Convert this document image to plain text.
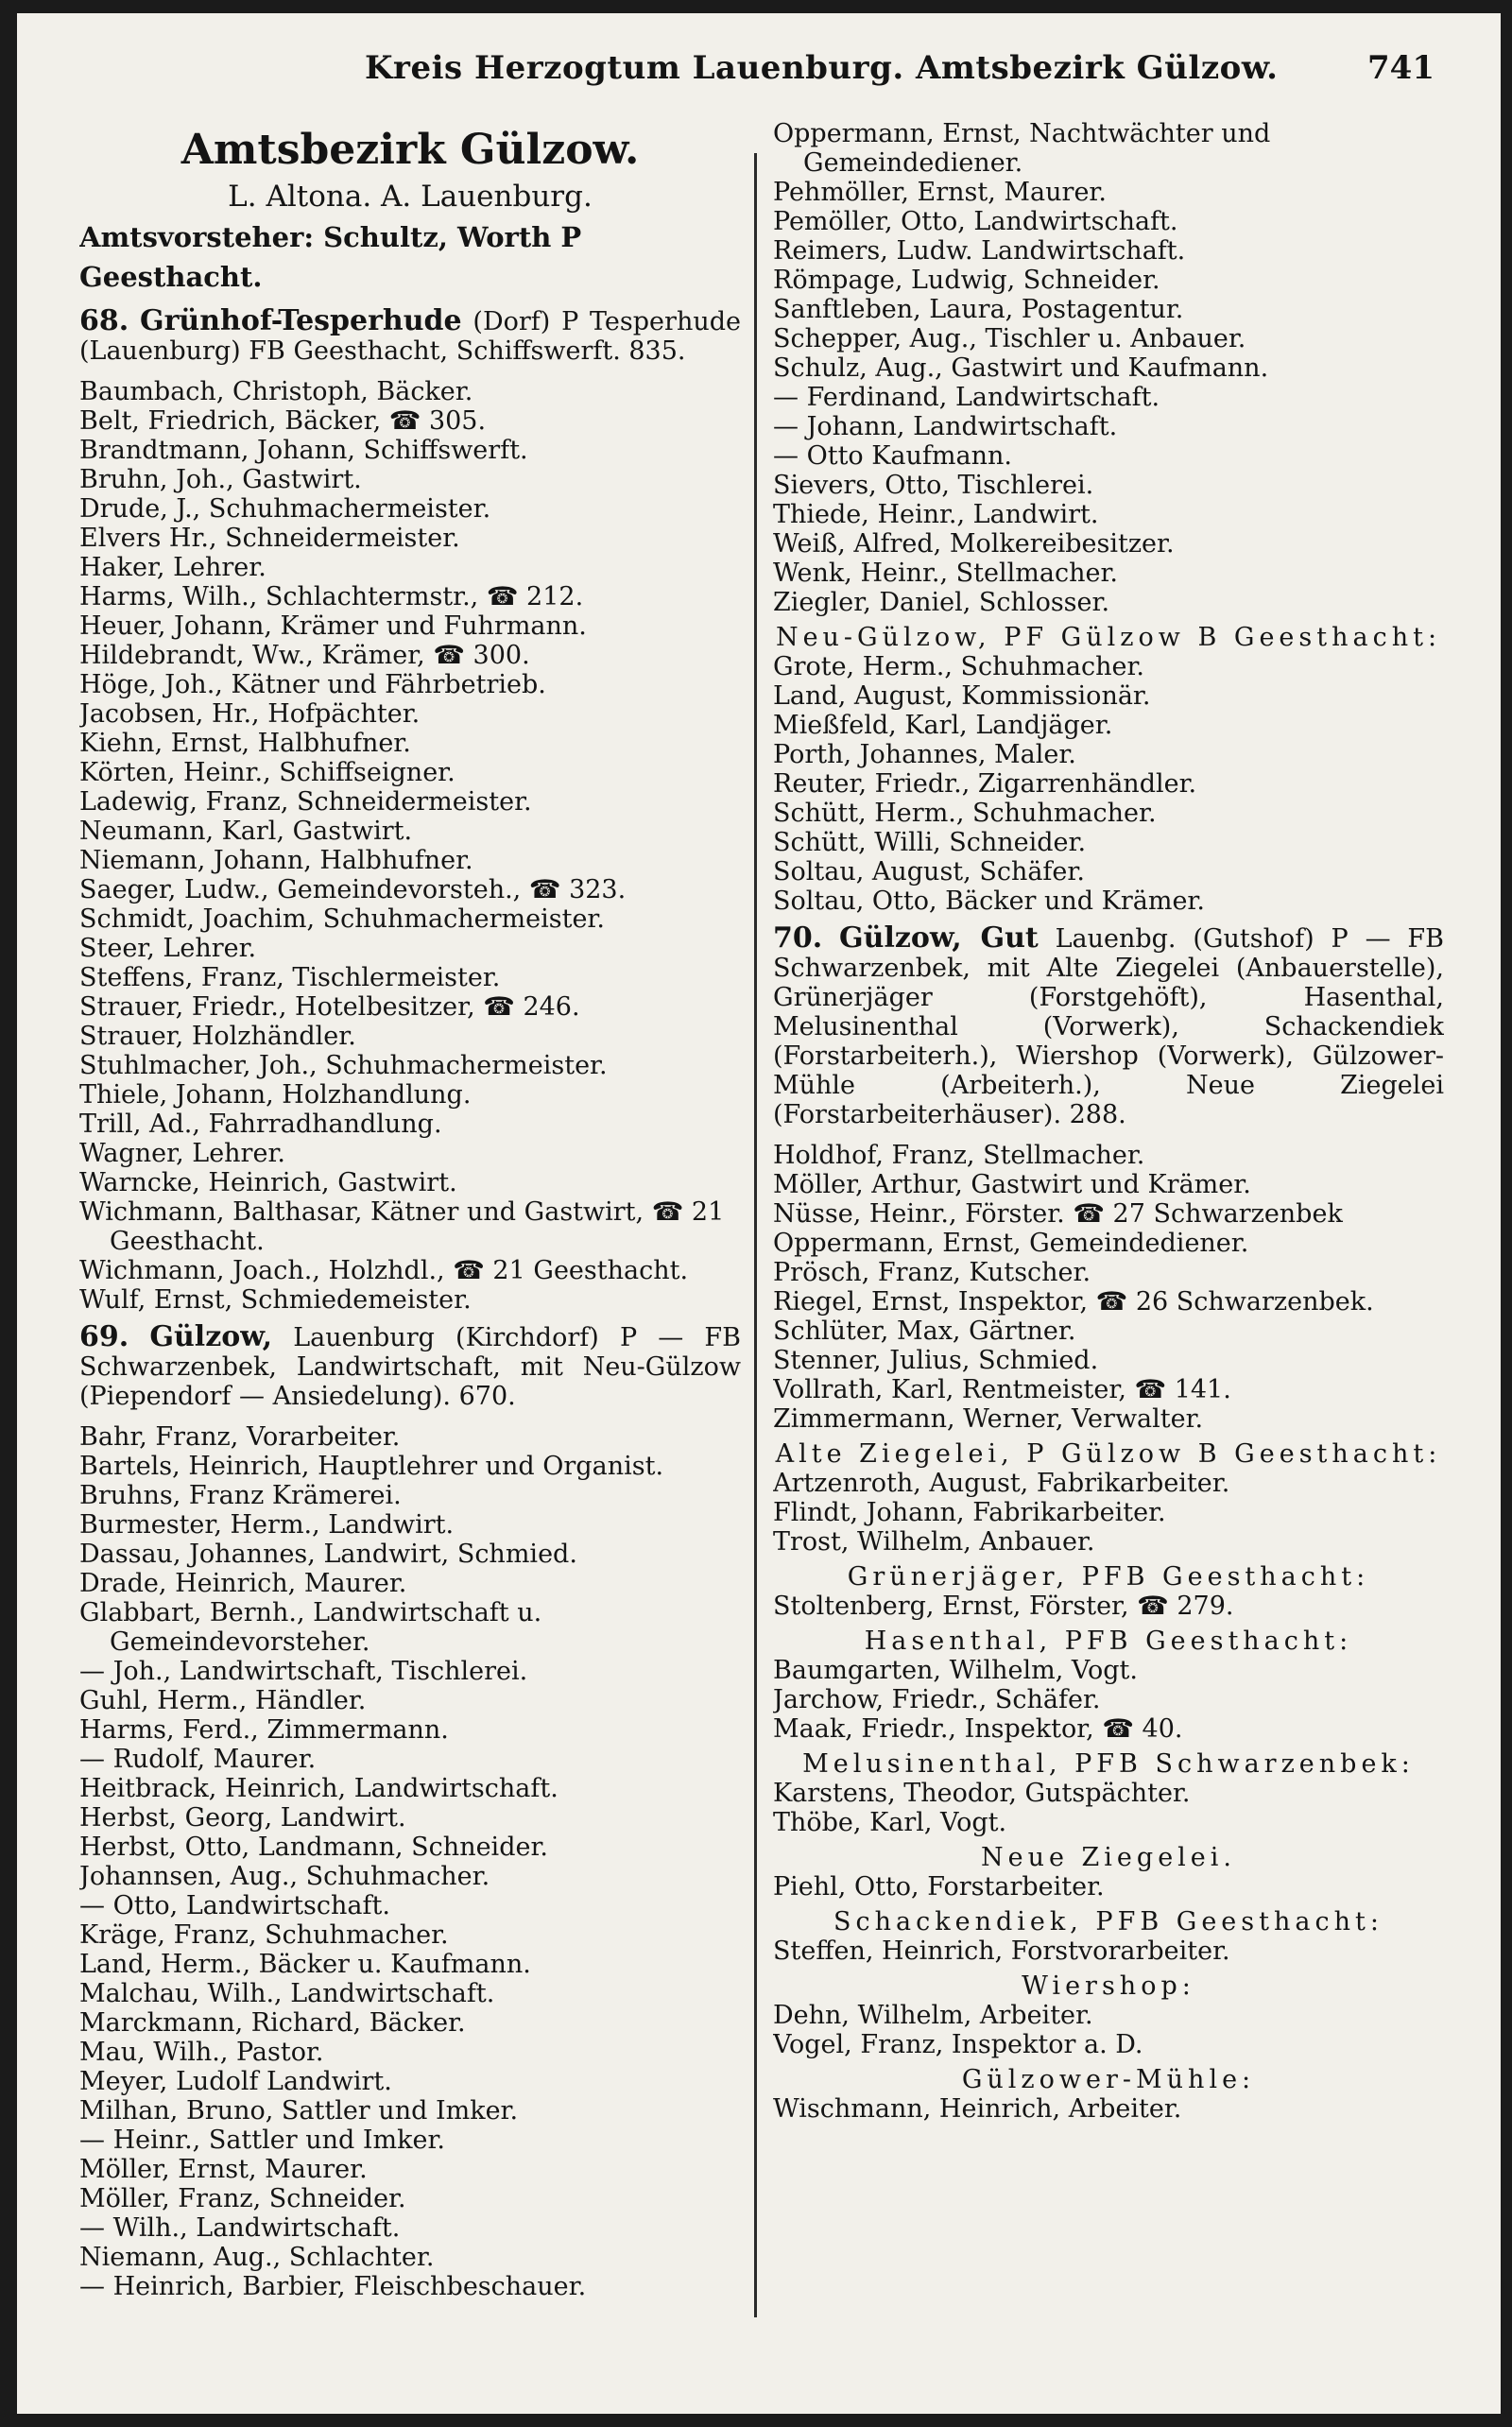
Kreis Herzogtum Lauenburg. Amtsbezirk Gülzow.	741

Amtsbezirk Gülzow.

L. Altona. A. Lauenburg.

Amtsvorsteher: Schultz, Worth P Geesthacht.

68. Grünhof-Tesperhude (Dorf) P Tesperhude (Lauenburg) FB Geesthacht, Schiffswerft. 835.

Baumbach, Christoph, Bäcker.

Belt, Friedrich, Bäcker, ☎ 305.

Brandtmann, Johann, Schiffswerft.

Bruhn, Joh., Gastwirt.

Drude, J., Schuhmachermeister.

Elvers Hr., Schneidermeister.

Haker, Lehrer.

Harms, Wilh., Schlachtermstr., ☎ 212.

Heuer, Johann, Krämer und Fuhrmann.

Hildebrandt, Ww., Krämer, ☎ 300.

Höge, Joh., Kätner und Fährbetrieb.

Jacobsen, Hr., Hofpächter.

Kiehn, Ernst, Halbhufner.

Körten, Heinr., Schiffseigner.

Ladewig, Franz, Schneidermeister.

Neumann, Karl, Gastwirt.

Niemann, Johann, Halbhufner.

Saeger, Ludw., Gemeindevorsteh., ☎ 323.

Schmidt, Joachim, Schuhmachermeister.

Steer, Lehrer.

Steffens, Franz, Tischlermeister.

Strauer, Friedr., Hotelbesitzer, ☎ 246.

Strauer, Holzhändler.

Stuhlmacher, Joh., Schuhmachermeister.

Thiele, Johann, Holzhandlung.

Trill, Ad., Fahrradhandlung.

Wagner, Lehrer.

Warncke, Heinrich, Gastwirt.

Wichmann, Balthasar, Kätner und Gastwirt, ☎ 21 Geesthacht.

Wichmann, Joach., Holzhdl., ☎ 21 Geesthacht.

Wulf, Ernst, Schmiedemeister.

69. Gülzow, Lauenburg (Kirchdorf) P — FB Schwarzenbek, Landwirtschaft, mit Neu-Gülzow (Piependorf — Ansiedelung). 670.

Bahr, Franz, Vorarbeiter.

Bartels, Heinrich, Hauptlehrer und Organist.

Bruhns, Franz Krämerei.

Burmester, Herm., Landwirt.

Dassau, Johannes, Landwirt, Schmied.

Drade, Heinrich, Maurer.

Glabbart, Bernh., Landwirtschaft u. Gemeindevorsteher.

— Joh., Landwirtschaft, Tischlerei.

Guhl, Herm., Händler.

Harms, Ferd., Zimmermann.

— Rudolf, Maurer.

Heitbrack, Heinrich, Landwirtschaft.

Herbst, Georg, Landwirt.

Herbst, Otto, Landmann, Schneider.

Johannsen, Aug., Schuhmacher.

— Otto, Landwirtschaft.

Kräge, Franz, Schuhmacher.

Land, Herm., Bäcker u. Kaufmann.

Malchau, Wilh., Landwirtschaft.

Marckmann, Richard, Bäcker.

Mau, Wilh., Pastor.

Meyer, Ludolf Landwirt.

Milhan, Bruno, Sattler und Imker.

— Heinr., Sattler und Imker.

Möller, Ernst, Maurer.

Möller, Franz, Schneider.

— Wilh., Landwirtschaft.

Niemann, Aug., Schlachter.

— Heinrich, Barbier, Fleischbeschauer.

Oppermann, Ernst, Nachtwächter und Gemeindediener.

Pehmöller, Ernst, Maurer.

Pemöller, Otto, Landwirtschaft.

Reimers, Ludw. Landwirtschaft.

Römpage, Ludwig, Schneider.

Sanftleben, Laura, Postagentur.

Schepper, Aug., Tischler u. Anbauer.

Schulz, Aug., Gastwirt und Kaufmann.

— Ferdinand, Landwirtschaft.

— Johann, Landwirtschaft.

— Otto Kaufmann.

Sievers, Otto, Tischlerei.

Thiede, Heinr., Landwirt.

Weiß, Alfred, Molkereibesitzer.

Wenk, Heinr., Stellmacher.

Ziegler, Daniel, Schlosser.

Neu-Gülzow, PF Gülzow B Geesthacht:

Grote, Herm., Schuhmacher.

Land, August, Kommissionär.

Mießfeld, Karl, Landjäger.

Porth, Johannes, Maler.

Reuter, Friedr., Zigarrenhändler.

Schütt, Herm., Schuhmacher.

Schütt, Willi, Schneider.

Soltau, August, Schäfer.

Soltau, Otto, Bäcker und Krämer.

70. Gülzow, Gut Lauenbg. (Gutshof) P — FB Schwarzenbek, mit Alte Ziegelei (Anbauerstelle), Grünerjäger (Forstgehöft), Hasenthal, Melusinenthal (Vorwerk), Schackendiek (Forstarbeiterh.), Wiershop (Vorwerk), Gülzower-Mühle (Arbeiterh.), Neue Ziegelei (Forstarbeiterhäuser). 288.

Holdhof, Franz, Stellmacher.

Möller, Arthur, Gastwirt und Krämer.

Nüsse, Heinr., Förster. ☎ 27 Schwarzenbek

Oppermann, Ernst, Gemeindediener.

Prösch, Franz, Kutscher.

Riegel, Ernst, Inspektor, ☎ 26 Schwarzenbek.

Schlüter, Max, Gärtner.

Stenner, Julius, Schmied.

Vollrath, Karl, Rentmeister, ☎ 141.

Zimmermann, Werner, Verwalter.

Alte Ziegelei, P Gülzow B Geesthacht:

Artzenroth, August, Fabrikarbeiter.

Flindt, Johann, Fabrikarbeiter.

Trost, Wilhelm, Anbauer.

Grünerjäger, PFB Geesthacht:

Stoltenberg, Ernst, Förster, ☎ 279.

Hasenthal, PFB Geesthacht:

Baumgarten, Wilhelm, Vogt.

Jarchow, Friedr., Schäfer.

Maak, Friedr., Inspektor, ☎ 40.

Melusinenthal, PFB Schwarzenbek:

Karstens, Theodor, Gutspächter.

Thöbe, Karl, Vogt.

Neue Ziegelei.

Piehl, Otto, Forstarbeiter.

Schackendiek, PFB Geesthacht:

Steffen, Heinrich, Forstvorarbeiter.

Wiershop:

Dehn, Wilhelm, Arbeiter.

Vogel, Franz, Inspektor a. D.

Gülzower-Mühle:

Wischmann, Heinrich, Arbeiter.
